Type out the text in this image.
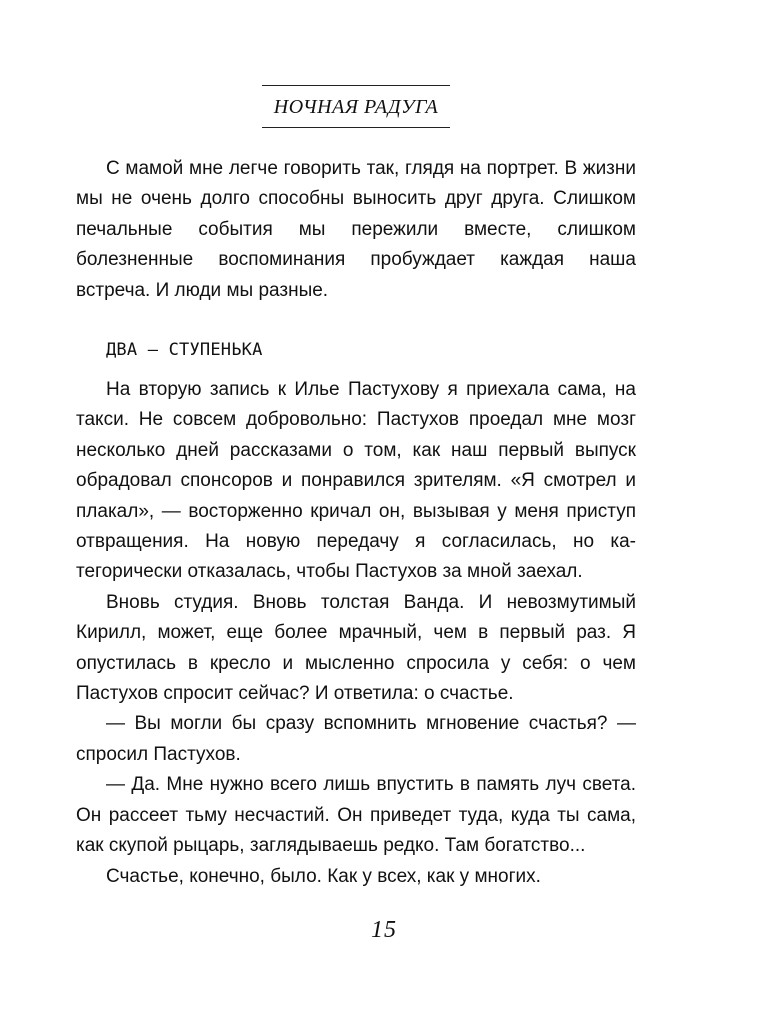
НОЧНАЯ РАДУГА

С мамой мне легче говорить так, глядя на портрет. В жизни мы не очень долго способны выносить друг друга. Слишком печальные события мы пережили вместе, слишком болезненные воспоминания пробуждает каждая наша встреча. И люди мы разные.

ДВА — СТУПЕНЬКА

На вторую запись к Илье Пастухову я приехала сама, на такси. Не совсем добровольно: Пастухов проедал мне мозг несколько дней рассказами о том, как наш первый выпуск обрадовал спонсоров и понравился зрителям. «Я смотрел и плакал», — восторженно кричал он, вызывая у меня приступ отвращения. На новую передачу я согласилась, но категорически отказалась, чтобы Пастухов за мной заехал.

Вновь студия. Вновь толстая Ванда. И невозмутимый Кирилл, может, еще более мрачный, чем в первый раз. Я опустилась в кресло и мысленно спросила у себя: о чем Пастухов спросит сейчас? И ответила: о счастье.

— Вы могли бы сразу вспомнить мгновение счастья? — спросил Пастухов.

— Да. Мне нужно всего лишь впустить в память луч света. Он рассеет тьму несчастий. Он приведет туда, куда ты сама, как скупой рыцарь, заглядываешь редко. Там богатство...

Счастье, конечно, было. Как у всех, как у многих.

15
